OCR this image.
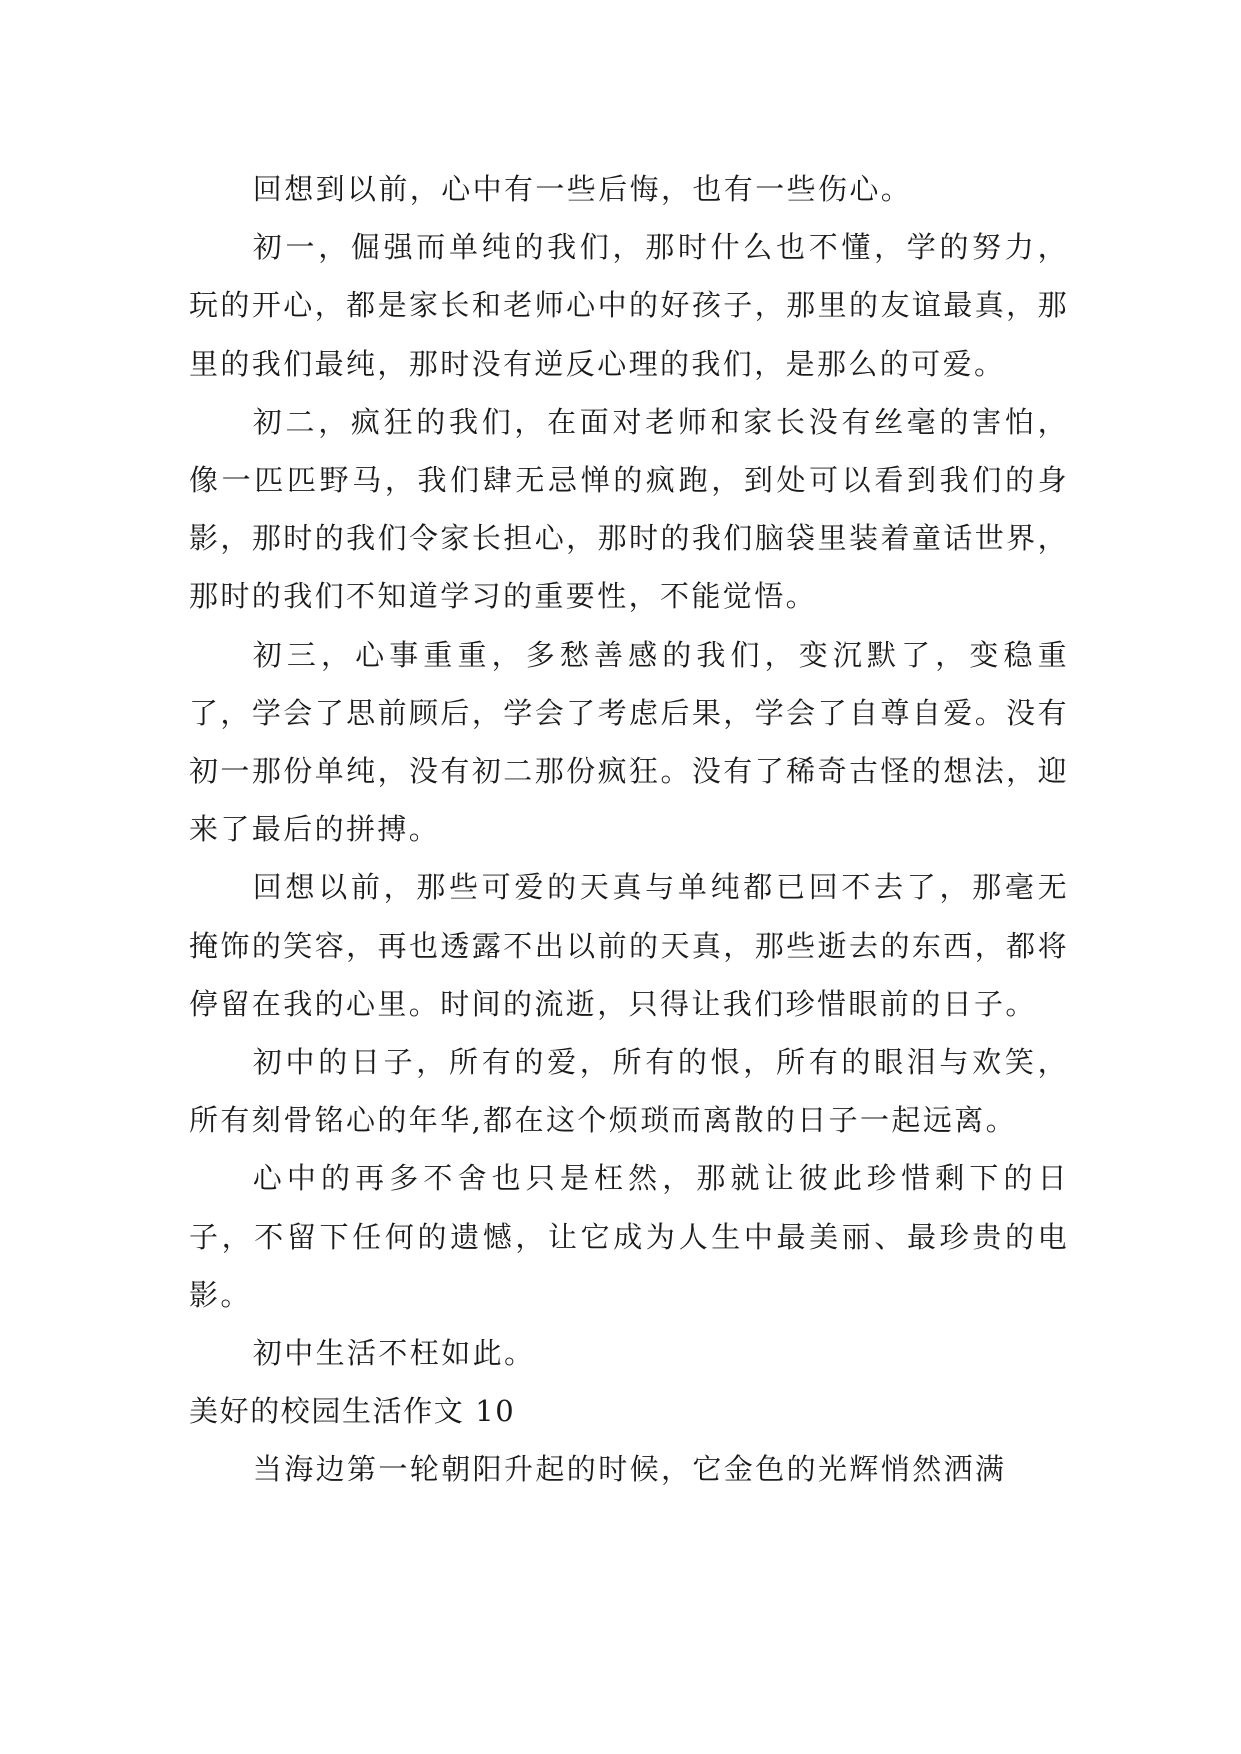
回想到以前，心中有一些后悔，也有一些伤心。

初一，倔强而单纯的我们，那时什么也不懂，学的努力，玩的开心，都是家长和老师心中的好孩子，那里的友谊最真，那里的我们最纯，那时没有逆反心理的我们，是那么的可爱。

初二，疯狂的我们，在面对老师和家长没有丝毫的害怕，像一匹匹野马，我们肆无忌惮的疯跑，到处可以看到我们的身影，那时的我们令家长担心，那时的我们脑袋里装着童话世界，那时的我们不知道学习的重要性，不能觉悟。

初三，心事重重，多愁善感的我们，变沉默了，变稳重了，学会了思前顾后，学会了考虑后果，学会了自尊自爱。没有初一那份单纯，没有初二那份疯狂。没有了稀奇古怪的想法，迎来了最后的拼搏。

回想以前，那些可爱的天真与单纯都已回不去了，那毫无掩饰的笑容，再也透露不出以前的天真，那些逝去的东西，都将停留在我的心里。时间的流逝，只得让我们珍惜眼前的日子。

初中的日子，所有的爱，所有的恨，所有的眼泪与欢笑，所有刻骨铭心的年华,都在这个烦琐而离散的日子一起远离。

心中的再多不舍也只是枉然，那就让彼此珍惜剩下的日子，不留下任何的遗憾，让它成为人生中最美丽、最珍贵的电影。

初中生活不枉如此。

美好的校园生活作文 10

当海边第一轮朝阳升起的时候，它金色的光辉悄然洒满
